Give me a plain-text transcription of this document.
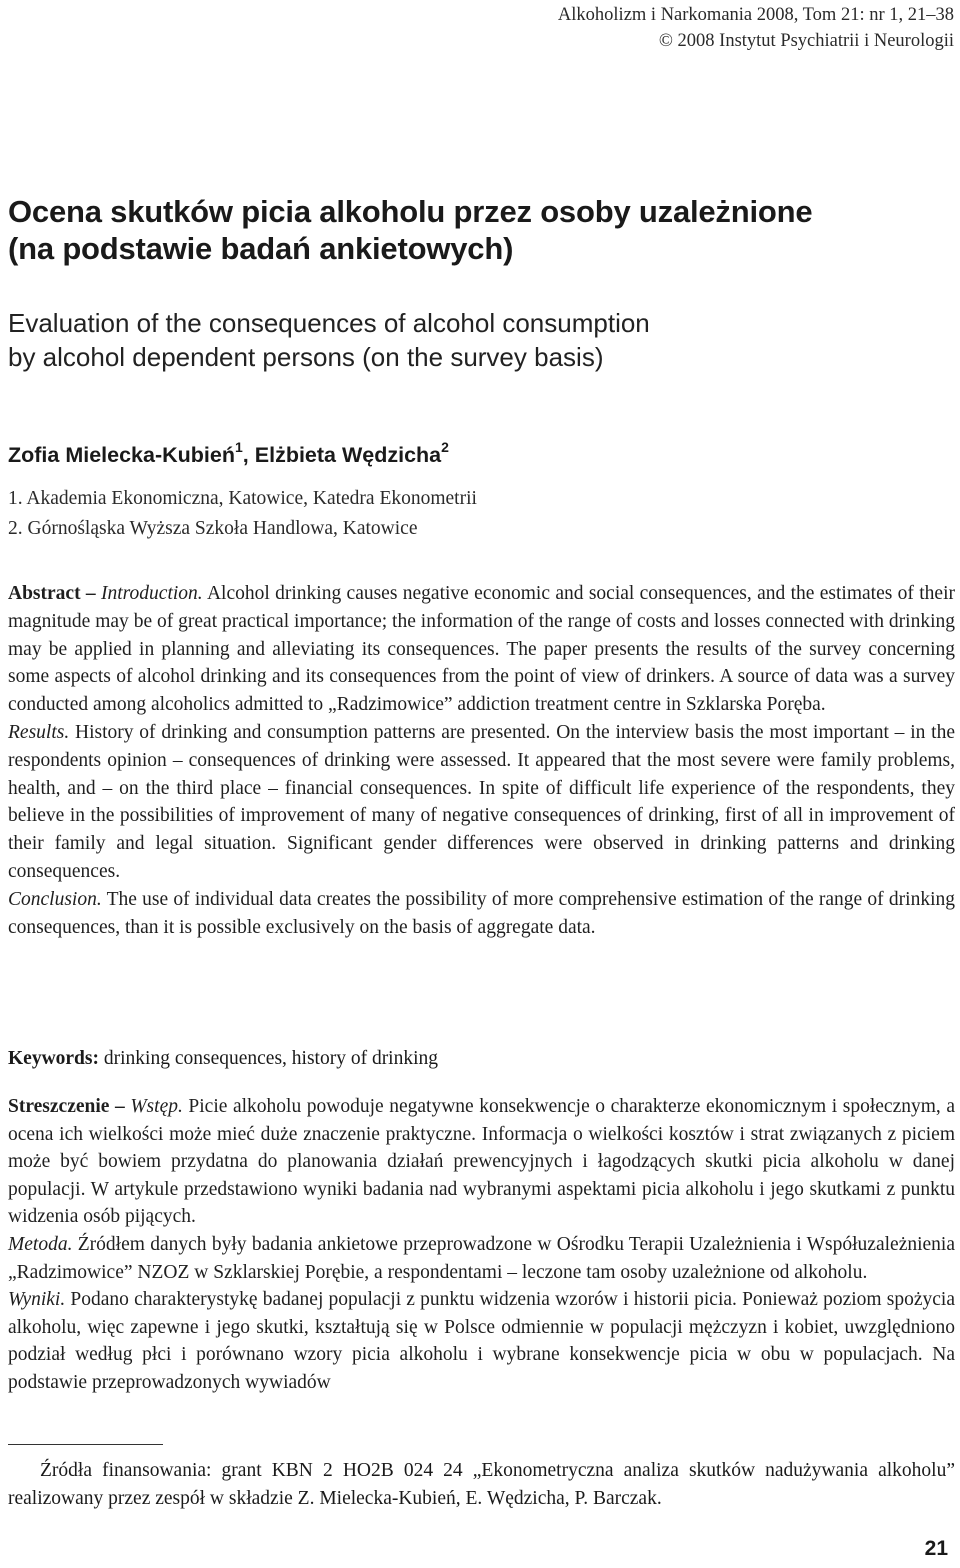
Alkoholizm i Narkomania 2008, Tom 21: nr 1, 21–38
© 2008 Instytut Psychiatrii i Neurologii
Ocena skutków picia alkoholu przez osoby uzależnione
(na podstawie badań ankietowych)
Evaluation of the consequences of alcohol consumption
by alcohol dependent persons (on the survey basis)
Zofia Mielecka-Kubień$^1$, Elżbieta Wędzicha$^2$
1. Akademia Ekonomiczna, Katowice, Katedra Ekonometrii
2. Górnośląska Wyższa Szkoła Handlowa, Katowice

Abstract – Introduction. Alcohol drinking causes negative economic and social consequences, and the estimates of their magnitude may be of great practical importance; the information of the range of costs and losses connected with drinking may be applied in planning and alleviating its consequences. The paper presents the results of the survey concerning some aspects of alcohol drinking and its consequences from the point of view of drinkers. A source of data was a survey conducted among alcoholics admitted to „Radzimowice” addiction treatment centre in Szklarska Poręba.

Results. History of drinking and consumption patterns are presented. On the interview basis the most important – in the respondents opinion – consequences of drinking were assessed. It appeared that the most severe were family problems, health, and – on the third place – financial consequences. In spite of difficult life experience of the respondents, they believe in the possibilities of improvement of many of negative consequences of drinking, first of all in improvement of their family and legal situation. Significant gender differences were observed in drinking patterns and drinking consequences.

Conclusion. The use of individual data creates the possibility of more comprehensive estimation of the range of drinking consequences, than it is possible exclusively on the basis of aggregate data.

Keywords: drinking consequences, history of drinking

Streszczenie – Wstęp. Picie alkoholu powoduje negatywne konsekwencje o charakterze ekonomicznym i społecznym, a ocena ich wielkości może mieć duże znaczenie praktyczne. Informacja o wielkości kosztów i strat związanych z piciem może być bowiem przydatna do planowania działań prewencyjnych i łagodzących skutki picia alkoholu w danej populacji. W artykule przedstawiono wyniki badania nad wybranymi aspektami picia alkoholu i jego skutkami z punktu widzenia osób pijących.

Metoda. Źródłem danych były badania ankietowe przeprowadzone w Ośrodku Terapii Uzależnienia i Współuzależnienia „Radzimowice” NZOZ w Szklarskiej Porębie, a respondentami – leczone tam osoby uzależnione od alkoholu.

Wyniki. Podano charakterystykę badanej populacji z punktu widzenia wzorów i historii picia. Ponieważ poziom spożycia alkoholu, więc zapewne i jego skutki, kształtują się w Polsce odmiennie w populacji mężczyzn i kobiet, uwzględniono podział według płci i porównano wzory picia alkoholu i wybrane konsekwencje picia w obu w populacjach. Na podstawie przeprowadzonych wywiadów

Źródła finansowania: grant KBN 2 HO2B 024 24 „Ekonometryczna analiza skutków nadużywania alkoholu” realizowany przez zespół w składzie Z. Mielecka-Kubień, E. Wędzicha, P. Barczak.
21
